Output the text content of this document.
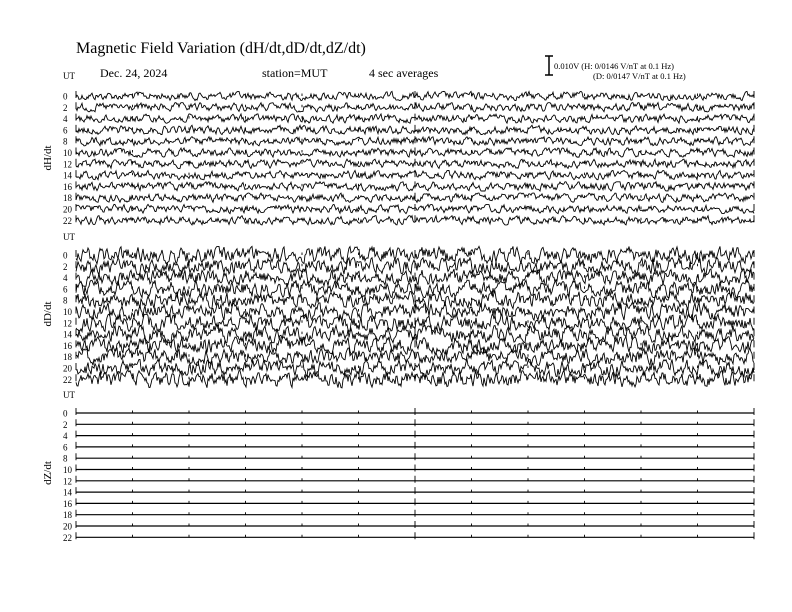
Magnetic Field Variation (dH/dt,dD/dt,dZ/dt)
Dec. 24, 2024	station=MUT	4 sec averages	0.010V (H: 0/0146 V/nT at 0.1 Hz)
(D: 0/0147 V/nT at 0.1 Hz)
UT
dH/dt
0
2
4
6
8
10
12
14
16
18
20
22
UT
dD/dt
0
2
4
6
8
10
12
14
16
18
20
22
UT
dZ/dt
0
2
4
6
8
10
12
14
16
18
20
22
